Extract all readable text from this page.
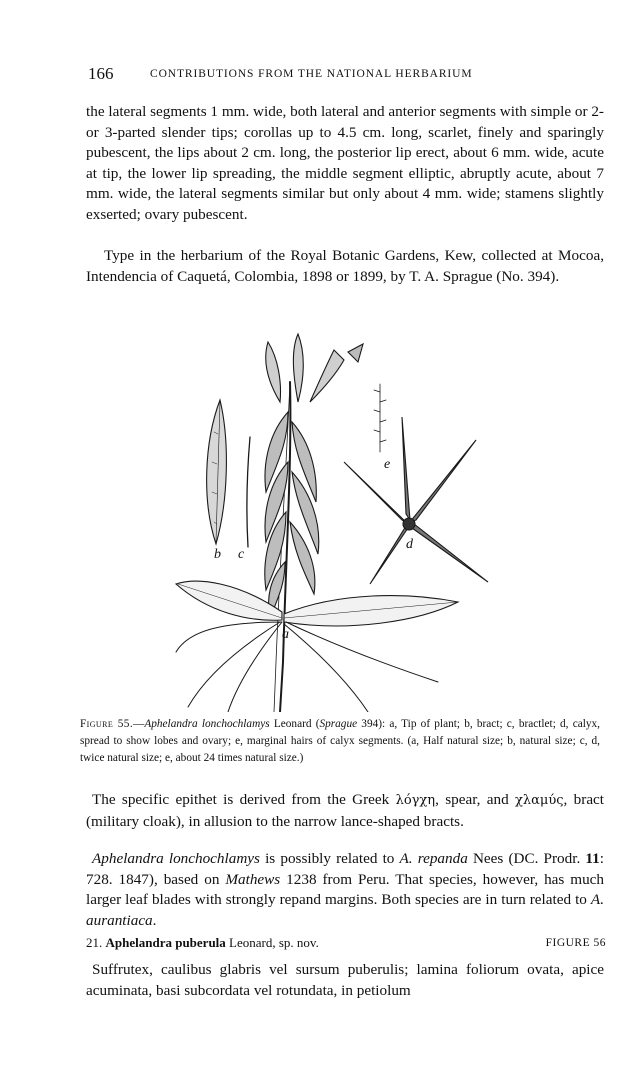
166	CONTRIBUTIONS FROM THE NATIONAL HERBARIUM

the lateral segments 1 mm. wide, both lateral and anterior segments with simple or 2- or 3-parted slender tips; corollas up to 4.5 cm. long, scarlet, finely and sparingly pubescent, the lips about 2 cm. long, the posterior lip erect, about 6 mm. wide, acute at tip, the lower lip spreading, the middle segment elliptic, abruptly acute, about 7 mm. wide, the lateral segments similar but only about 4 mm. wide; stamens slightly exserted; ovary pubescent.

Type in the herbarium of the Royal Botanic Gardens, Kew, collected at Mocoa, Intendencia of Caquetá, Colombia, 1898 or 1899, by T. A. Sprague (No. 394).

a
b c
d
e

Figure 55.—Aphelandra lonchochlamys Leonard (Sprague 394): a, Tip of plant; b, bract; c, bractlet; d, calyx, spread to show lobes and ovary; e, marginal hairs of calyx segments. (a, Half natural size; b, natural size; c, d, twice natural size; e, about 24 times natural size.)

The specific epithet is derived from the Greek λόγχη, spear, and χλαμύς, bract (military cloak), in allusion to the narrow lance-shaped bracts.

Aphelandra lonchochlamys is possibly related to A. repanda Nees (DC. Prodr. 11: 728. 1847), based on Mathews 1238 from Peru. That species, however, has much larger leaf blades with strongly repand margins. Both species are in turn related to A. aurantiaca.

21. Aphelandra puberula Leonard, sp. nov.	FIGURE 56

Suffrutex, caulibus glabris vel sursum puberulis; lamina foliorum ovata, apice acuminata, basi subcordata vel rotundata, in petiolum
